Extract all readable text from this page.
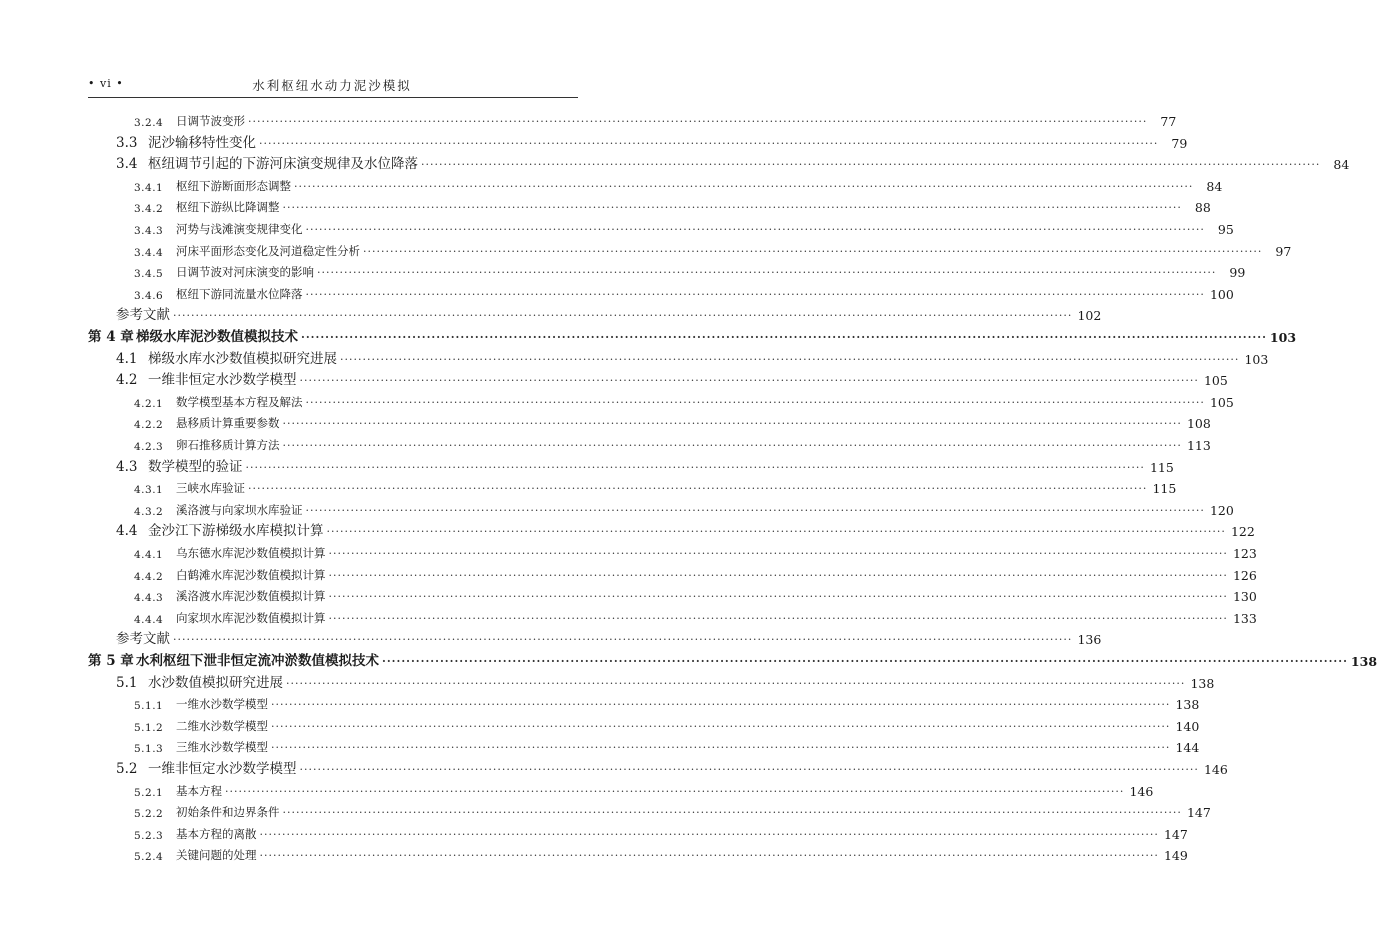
• vi •	水利枢纽水动力泥沙模拟
3.2.4	日调节波变形 ········································································································································································································	77
3.3 泥沙输移特性变化 ········································································································································································································	79
3.4 枢纽调节引起的下游河床演变规律及水位降落 ········································································································································································································	84
3.4.1	枢纽下游断面形态调整 ········································································································································································································	84
3.4.2	枢纽下游纵比降调整 ········································································································································································································	88
3.4.3	河势与浅滩演变规律变化 ········································································································································································································	95
3.4.4	河床平面形态变化及河道稳定性分析 ········································································································································································································	97
3.4.5	日调节波对河床演变的影响 ········································································································································································································	99
3.4.6	枢纽下游同流量水位降落 ········································································································································································································ 100
参考文献 ········································································································································································································ 102
第 4 章 梯级水库泥沙数值模拟技术 ········································································································································································································ 103
4.1 梯级水库水沙数值模拟研究进展 ········································································································································································································ 103
4.2 一维非恒定水沙数学模型 ········································································································································································································ 105
4.2.1	数学模型基本方程及解法 ········································································································································································································ 105
4.2.2	悬移质计算重要参数 ········································································································································································································ 108
4.2.3	卵石推移质计算方法 ········································································································································································································ 113
4.3 数学模型的验证 ········································································································································································································ 115
4.3.1	三峡水库验证 ········································································································································································································ 115
4.3.2	溪洛渡与向家坝水库验证 ········································································································································································································ 120
4.4 金沙江下游梯级水库模拟计算 ········································································································································································································ 122
4.4.1	乌东德水库泥沙数值模拟计算 ········································································································································································································ 123
4.4.2	白鹤滩水库泥沙数值模拟计算 ········································································································································································································ 126
4.4.3	溪洛渡水库泥沙数值模拟计算 ········································································································································································································ 130
4.4.4	向家坝水库泥沙数值模拟计算 ········································································································································································································ 133
参考文献 ········································································································································································································ 136
第 5 章 水利枢纽下泄非恒定流冲淤数值模拟技术 ········································································································································································································ 138
5.1 水沙数值模拟研究进展 ········································································································································································································ 138
5.1.1	一维水沙数学模型 ········································································································································································································ 138
5.1.2	二维水沙数学模型 ········································································································································································································ 140
5.1.3	三维水沙数学模型 ········································································································································································································ 144
5.2 一维非恒定水沙数学模型 ········································································································································································································ 146
5.2.1	基本方程 ········································································································································································································ 146
5.2.2	初始条件和边界条件 ········································································································································································································ 147
5.2.3	基本方程的离散 ········································································································································································································ 147
5.2.4	关键问题的处理 ········································································································································································································ 149
